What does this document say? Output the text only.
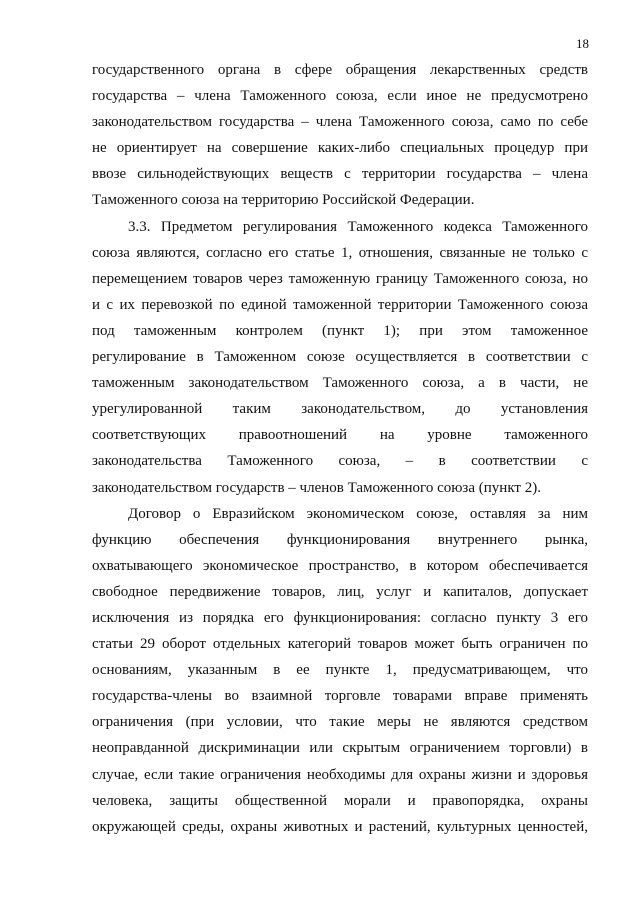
18

государственного органа в сфере обращения лекарственных средств
государства – члена Таможенного союза, если иное не предусмотрено
законодательством государства – члена Таможенного союза, само по себе
не ориентирует на совершение каких-либо специальных процедур при
ввозе сильнодействующих веществ с территории государства – члена
Таможенного союза на территорию Российской Федерации.

3.3. Предметом регулирования Таможенного кодекса Таможенного
союза являются, согласно его статье 1, отношения, связанные не только с
перемещением товаров через таможенную границу Таможенного союза, но
и с их перевозкой по единой таможенной территории Таможенного союза
под таможенным контролем (пункт 1); при этом таможенное
регулирование в Таможенном союзе осуществляется в соответствии с
таможенным законодательством Таможенного союза, а в части, не
урегулированной таким законодательством, до установления
соответствующих правоотношений на уровне таможенного
законодательства Таможенного союза, – в соответствии с
законодательством государств – членов Таможенного союза (пункт 2).

Договор о Евразийском экономическом союзе, оставляя за ним
функцию обеспечения функционирования внутреннего рынка,
охватывающего экономическое пространство, в котором обеспечивается
свободное передвижение товаров, лиц, услуг и капиталов, допускает
исключения из порядка его функционирования: согласно пункту 3 его
статьи 29 оборот отдельных категорий товаров может быть ограничен по
основаниям, указанным в ее пункте 1, предусматривающем, что
государства-члены во взаимной торговле товарами вправе применять
ограничения (при условии, что такие меры не являются средством
неоправданной дискриминации или скрытым ограничением торговли) в
случае, если такие ограничения необходимы для охраны жизни и здоровья
человека, защиты общественной морали и правопорядка, охраны
окружающей среды, охраны животных и растений, культурных ценностей,
